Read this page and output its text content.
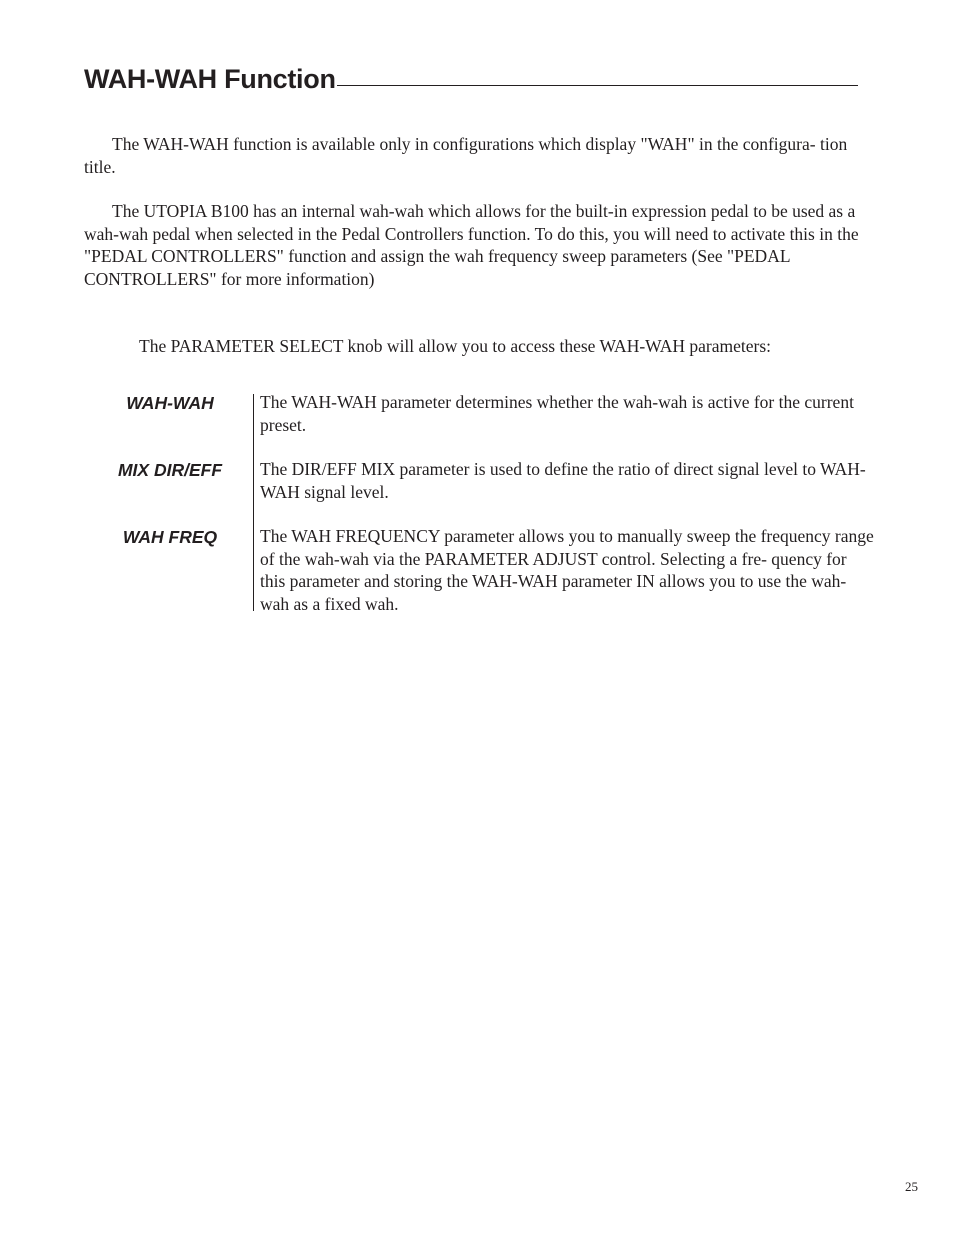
WAH-WAH Function

The WAH-WAH function is available only in configurations which display "WAH" in the configura- tion title.

The UTOPIA B100 has an internal wah-wah which allows for the built-in expression pedal to be used as a wah-wah pedal when selected in the Pedal Controllers function. To do this, you will need to activate this in the "PEDAL CONTROLLERS" function and assign the wah frequency sweep parameters (See "PEDAL CONTROLLERS" for more information)

The PARAMETER SELECT knob will allow you to access these WAH-WAH parameters:

WAH-WAH	The WAH-WAH parameter determines whether the wah-wah is active for the current preset.

MIX DIR/EFF	The DIR/EFF MIX parameter is used to define the ratio of direct signal level to WAH-WAH signal level.

WAH FREQ	The WAH FREQUENCY parameter allows you to manually sweep the frequency range of the wah-wah via the PARAMETER ADJUST control. Selecting a fre- quency for this parameter and storing the WAH-WAH parameter IN allows you to use the wah-wah as a fixed wah.

25
